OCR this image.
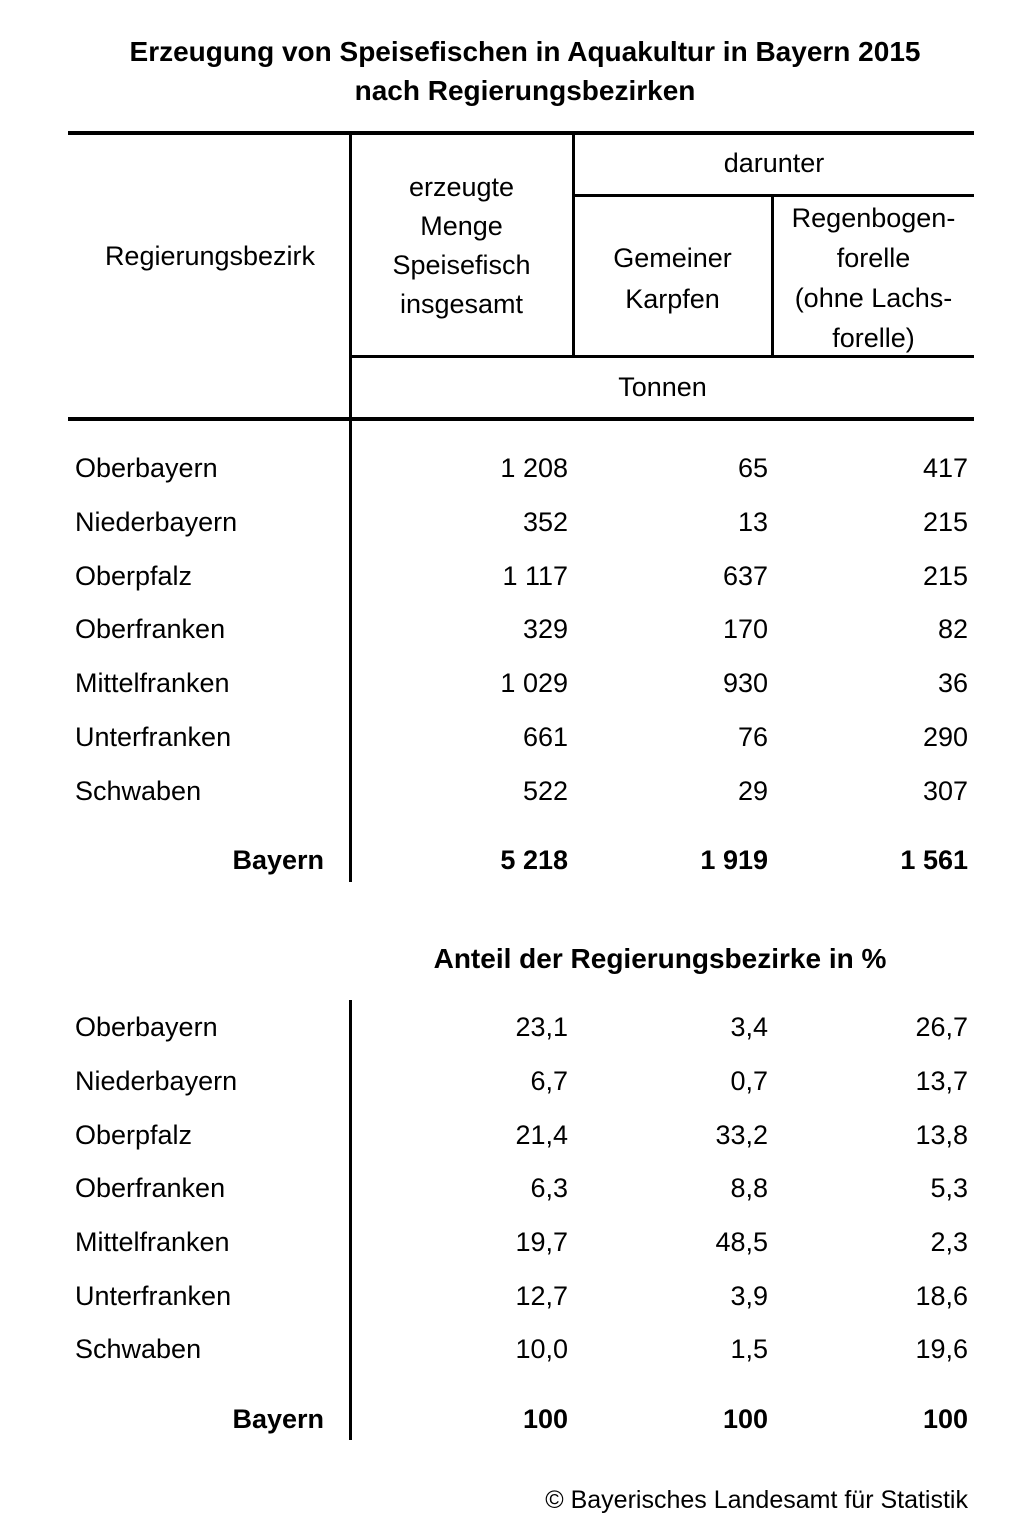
Erzeugung von Speisefischen in Aquakultur in Bayern 2015
nach Regierungsbezirken
Regierungsbezirk
erzeugte
Menge
Speisefisch
insgesamt
darunter
Gemeiner
Karpfen
Regenbogen-
forelle
(ohne Lachs-
forelle)
Tonnen
Oberbayern	1 208	65	417
Niederbayern	352	13	215
Oberpfalz	1 117	637	215
Oberfranken	329	170	82
Mittelfranken	1 029	930	36
Unterfranken	661	76	290
Schwaben	522	29	307
Bayern	5 218	1 919	1 561
Anteil der Regierungsbezirke in %
Oberbayern	23,1	3,4	26,7
Niederbayern	6,7	0,7	13,7
Oberpfalz	21,4	33,2	13,8
Oberfranken	6,3	8,8	5,3
Mittelfranken	19,7	48,5	2,3
Unterfranken	12,7	3,9	18,6
Schwaben	10,0	1,5	19,6
Bayern	100	100	100
© Bayerisches Landesamt für Statistik
